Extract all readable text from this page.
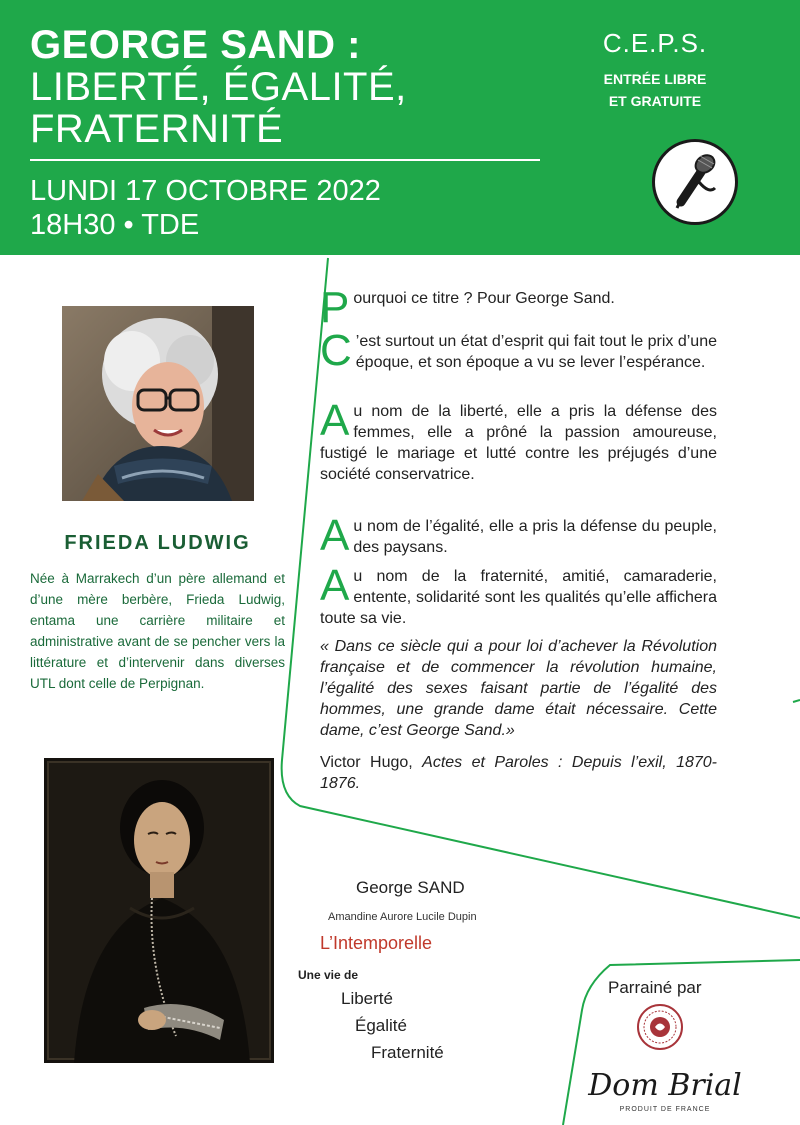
GEORGE SAND :
LIBERTÉ, ÉGALITÉ,
FRATERNITÉ
LUNDI 17 OCTOBRE 2022
18H30 • TDE
C.E.P.S.
ENTRÉE LIBRE
ET GRATUITE
FRIEDA LUDWIG

Née à Marrakech d’un père allemand et d’une mère berbère, Frieda Ludwig, entama une carrière militaire et administrative avant de se pencher vers la littérature et d’intervenir dans diverses UTL dont celle de Perpignan.

P ourquoi ce titre ? Pour George Sand.

C ’est surtout un état d’esprit qui fait tout le prix d’une époque, et son époque a vu se lever l’espérance.

A u nom de la liberté, elle a pris la défense des femmes, elle a prôné la passion amoureuse, fustigé le mariage et lutté contre les préjugés d’une société conservatrice.

A u nom de l’égalité, elle a pris la défense du peuple, des paysans.

A u nom de la fraternité, amitié, camaraderie, entente, solidarité sont les qualités qu’elle affichera toute sa vie.

« Dans ce siècle qui a pour loi d’achever la Révolution française et de commencer la révolution humaine, l’égalité des sexes faisant partie de l’égalité des hommes, une grande dame était nécessaire. Cette dame, c’est George Sand.»

Victor Hugo, Actes et Paroles : Depuis l’exil, 1870-1876.

George SAND
Amandine Aurore Lucile Dupin
L’Intemporelle
Une vie de
Liberté
Égalité
Fraternité
Parrainé par
Dom Brial
PRODUIT DE FRANCE
